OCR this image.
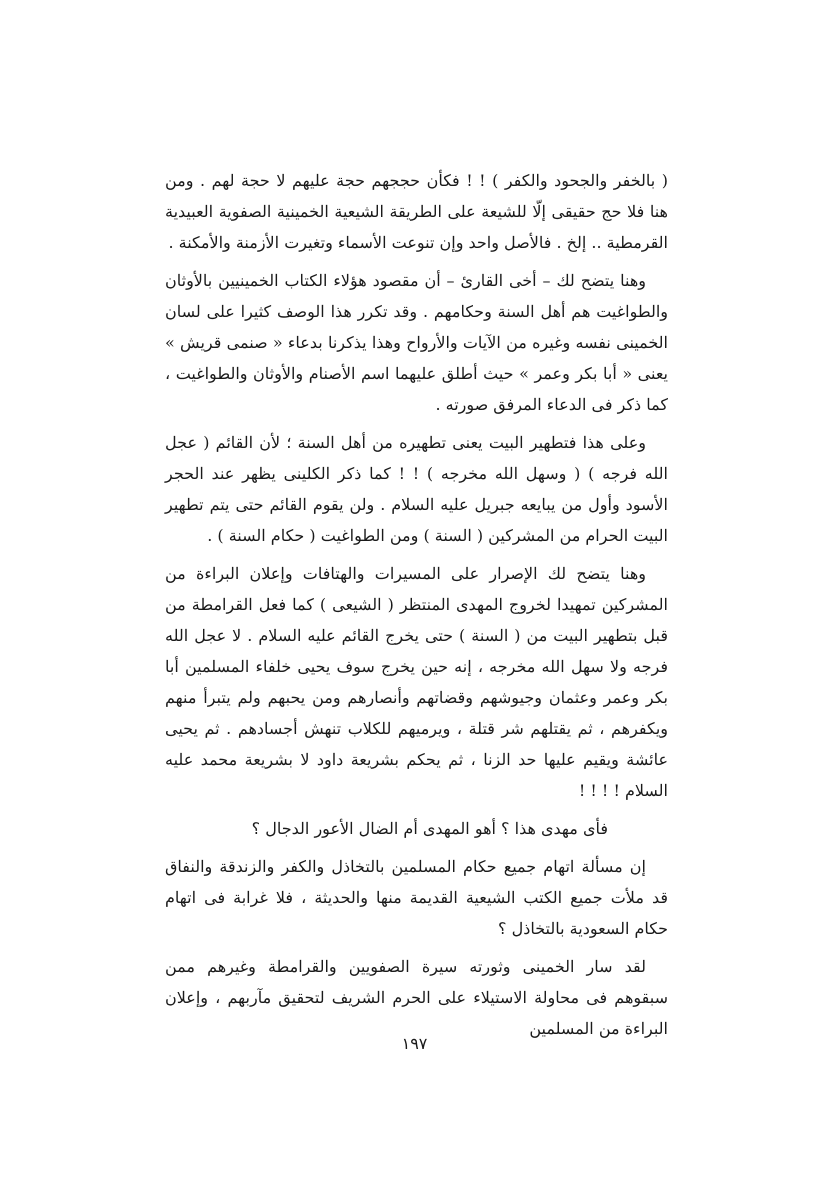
( بالخفر والجحود والكفر ) ! ! فكأن حججهم حجة عليهم لا حجة لهم . ومن هنا فلا حج حقيقى إلّا للشيعة على الطريقة الشيعية الخمينية الصفوية العبيدية القرمطية .. إلخ . فالأصل واحد وإن تنوعت الأسماء وتغيرت الأزمنة والأمكنة .

وهنا يتضح لك – أخى القارئ – أن مقصود هؤلاء الكتاب الخمينيين بالأوثان والطواغيت هم أهل السنة وحكامهم . وقد تكرر هذا الوصف كثيرا على لسان الخمينى نفسه وغيره من الآيات والأرواح وهذا يذكرنا بدعاء « صنمى قريش » يعنى « أبا بكر وعمر » حيث أطلق عليهما اسم الأصنام والأوثان والطواغيت ، كما ذكر فى الدعاء المرفق صورته .

وعلى هذا فتطهير البيت يعنى تطهيره من أهل السنة ؛ لأن القائم ( عجل الله فرجه ) ( وسهل الله مخرجه ) ! ! كما ذكر الكلينى يظهر عند الحجر الأسود وأول من يبايعه جبريل عليه السلام . ولن يقوم القائم حتى يتم تطهير البيت الحرام من المشركين ( السنة ) ومن الطواغيت ( حكام السنة ) .

وهنا يتضح لك الإصرار على المسيرات والهتافات وإعلان البراءة من المشركين تمهيدا لخروج المهدى المنتظر ( الشيعى ) كما فعل القرامطة من قبل بتطهير البيت من ( السنة ) حتى يخرج القائم عليه السلام . لا عجل الله فرجه ولا سهل الله مخرجه ، إنه حين يخرج سوف يحيى خلفاء المسلمين أبا بكر وعمر وعثمان وجيوشهم وقضاتهم وأنصارهم ومن يحبهم ولم يتبرأ منهم ويكفرهم ، ثم يقتلهم شر قتلة ، ويرميهم للكلاب تنهش أجسادهم . ثم يحيى عائشة ويقيم عليها حد الزنا ، ثم يحكم بشريعة داود لا بشريعة محمد عليه السلام ! ! ! !

فأى مهدى هذا ؟ أهو المهدى أم الضال الأعور الدجال ؟

إن مسألة اتهام جميع حكام المسلمين بالتخاذل والكفر والزندقة والنفاق قد ملأت جميع الكتب الشيعية القديمة منها والحديثة ، فلا غرابة فى اتهام حكام السعودية بالتخاذل ؟

لقد سار الخمينى وثورته سيرة الصفويين والقرامطة وغيرهم ممن سبقوهم فى محاولة الاستيلاء على الحرم الشريف لتحقيق مآربهم ، وإعلان البراءة من المسلمين

١٩٧
